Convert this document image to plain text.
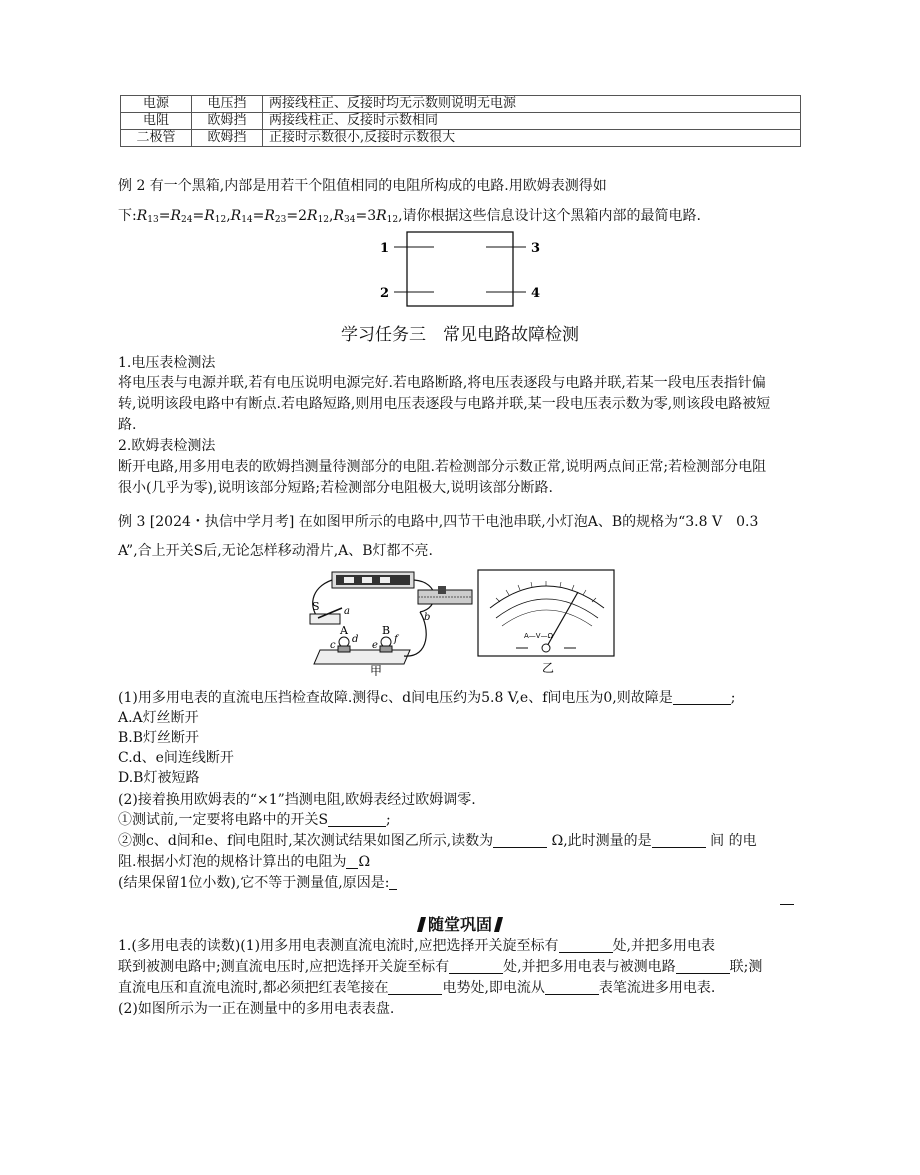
电源	电压挡	两接线柱正、反接时均无示数则说明无电源
电阻	欧姆挡	两接线柱正、反接时示数相同
二极管	欧姆挡	正接时示数很小,反接时示数很大
例 2 有一个黑箱,内部是用若干个阻值相同的电阻所构成的电路.用欧姆表测得如
下$:R_{13}=R_{24}=R_{12},R_{14}=R_{23}=2R_{12},R_{34}=3R_{12}$,请你根据这些信息设计这个黑箱内部的最简电路.
1
2
3
4
学习任务三　常见电路故障检测
1.电压表检测法
将电压表与电源并联,若有电压说明电源完好.若电路断路,将电压表逐段与电路并联,若某一段电压表指针偏
转,说明该段电路中有断点.若电路短路,则用电压表逐段与电路并联,某一段电压表示数为零,则该段电路被短
路.
2.欧姆表检测法
断开电路,用多用电表的欧姆挡测量待测部分的电阻.若检测部分示数正常,说明两点间正常;若检测部分电阻
很小(几乎为零),说明该部分短路;若检测部分电阻极大,说明该部分断路.
例 3 [2024・执信中学月考] 在如图甲所示的电路中,四节干电池串联,小灯泡A、B的规格为“3.8 V　0.3
A”,合上开关S后,无论怎样移动滑片,A、B灯都不亮.
S a
A
c
d
B
e
f
b
甲
A—V—Ω
乙
(1)用多用电表的直流电压挡检查故障.测得c、d间电压约为5.8 V,e、f间电压为0,则故障是	;
A.A灯丝断开
B.B灯丝断开
C.d、e间连线断开
D.B灯被短路
(2)接着换用欧姆表的“×1”挡测电阻,欧姆表经过欧姆调零.
①测试前,一定要将电路中的开关S	;
②测c、d间和e、f间电阻时,某次测试结果如图乙所示,读数为	Ω,此时测量的是	间 的电
阻.根据小灯泡的规格计算出的电阻为 Ω
(结果保留1位小数),它不等于测量值,原因是:
随堂巩固
1.(多用电表的读数)(1)用多用电表测直流电流时,应把选择开关旋至标有	处,并把多用电表
联到被测电路中;测直流电压时,应把选择开关旋至标有	处,并把多用电表与被测电路	联;测
直流电压和直流电流时,都必须把红表笔接在	电势处,即电流从	表笔流进多用电表.
(2)如图所示为一正在测量中的多用电表表盘.
